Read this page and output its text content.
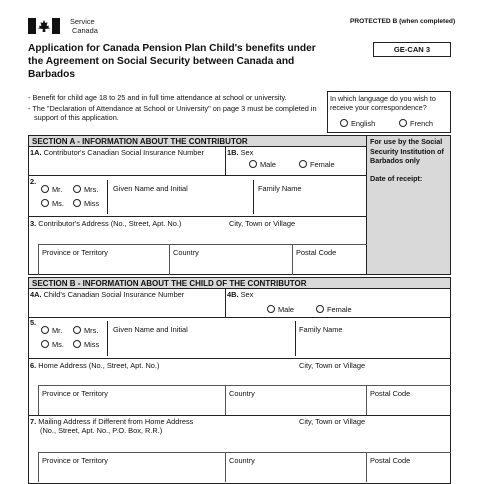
Service
Canada
PROTECTED B (when completed)
GE-CAN 3
Application for Canada Pension Plan Child's benefits under the Agreement on Social Security between Canada and Barbados
- Benefit for child age 18 to 25 and in full time attendance at school or university.
- The "Declaration of Attendance at School or University" on page 3 must be completed in support of this application.
In which language do you wish to receive your correspondence?
English	French
For use by the Social Security Institution of Barbados only
Date of receipt:
SECTION A - INFORMATION ABOUT THE CONTRIBUTOR
1A. Contributor's Canadian Social Insurance Number	1B. Sex
Male	Female
2.
Mr.	Mrs.
Ms.	Miss
Given Name and Initial	Family Name
3. Contributor's Address (No., Street, Apt. No.)	City, Town or Village
Province or Territory	Country	Postal Code
SECTION B - INFORMATION ABOUT THE CHILD OF THE CONTRIBUTOR
4A. Child's Canadian Social Insurance Number	4B. Sex
Male	Female
5.
Mr.	Mrs.
Ms.	Miss
Given Name and Initial	Family Name
6. Home Address (No., Street, Apt. No.)	City, Town or Village
Province or Territory	Country	Postal Code
7. Mailing Address if Different from Home Address
(No., Street, Apt. No., P.O. Box, R.R.)
City, Town or Village
Province or Territory	Country	Postal Code
